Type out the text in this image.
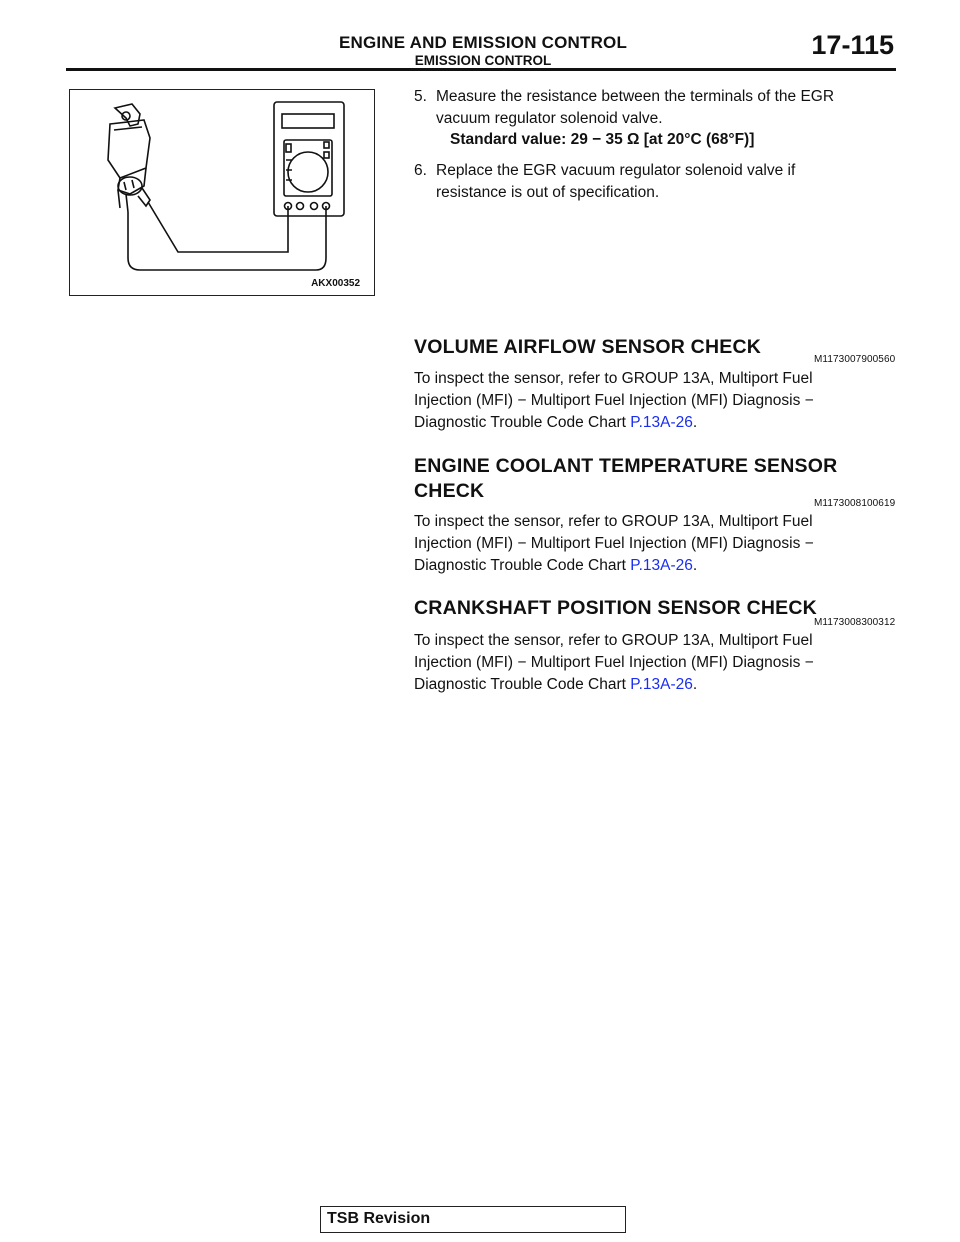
ENGINE AND EMISSION CONTROL
EMISSION CONTROL
17-115
AKX00352
5. Measure the resistance between the terminals of the EGR
vacuum regulator solenoid valve.
Standard value: 29 − 35 Ω [at 20°C (68°F)]
6. Replace the EGR vacuum regulator solenoid valve if
resistance is out of specification.
VOLUME AIRFLOW SENSOR CHECK
M1173007900560
To inspect the sensor, refer to GROUP 13A, Multiport Fuel
Injection (MFI) − Multiport Fuel Injection (MFI) Diagnosis −
Diagnostic Trouble Code Chart P.13A-26.
ENGINE COOLANT TEMPERATURE SENSOR
CHECK
M1173008100619
To inspect the sensor, refer to GROUP 13A, Multiport Fuel
Injection (MFI) − Multiport Fuel Injection (MFI) Diagnosis −
Diagnostic Trouble Code Chart P.13A-26.
CRANKSHAFT POSITION SENSOR CHECK
M1173008300312
To inspect the sensor, refer to GROUP 13A, Multiport Fuel
Injection (MFI) − Multiport Fuel Injection (MFI) Diagnosis −
Diagnostic Trouble Code Chart P.13A-26.
TSB Revision
